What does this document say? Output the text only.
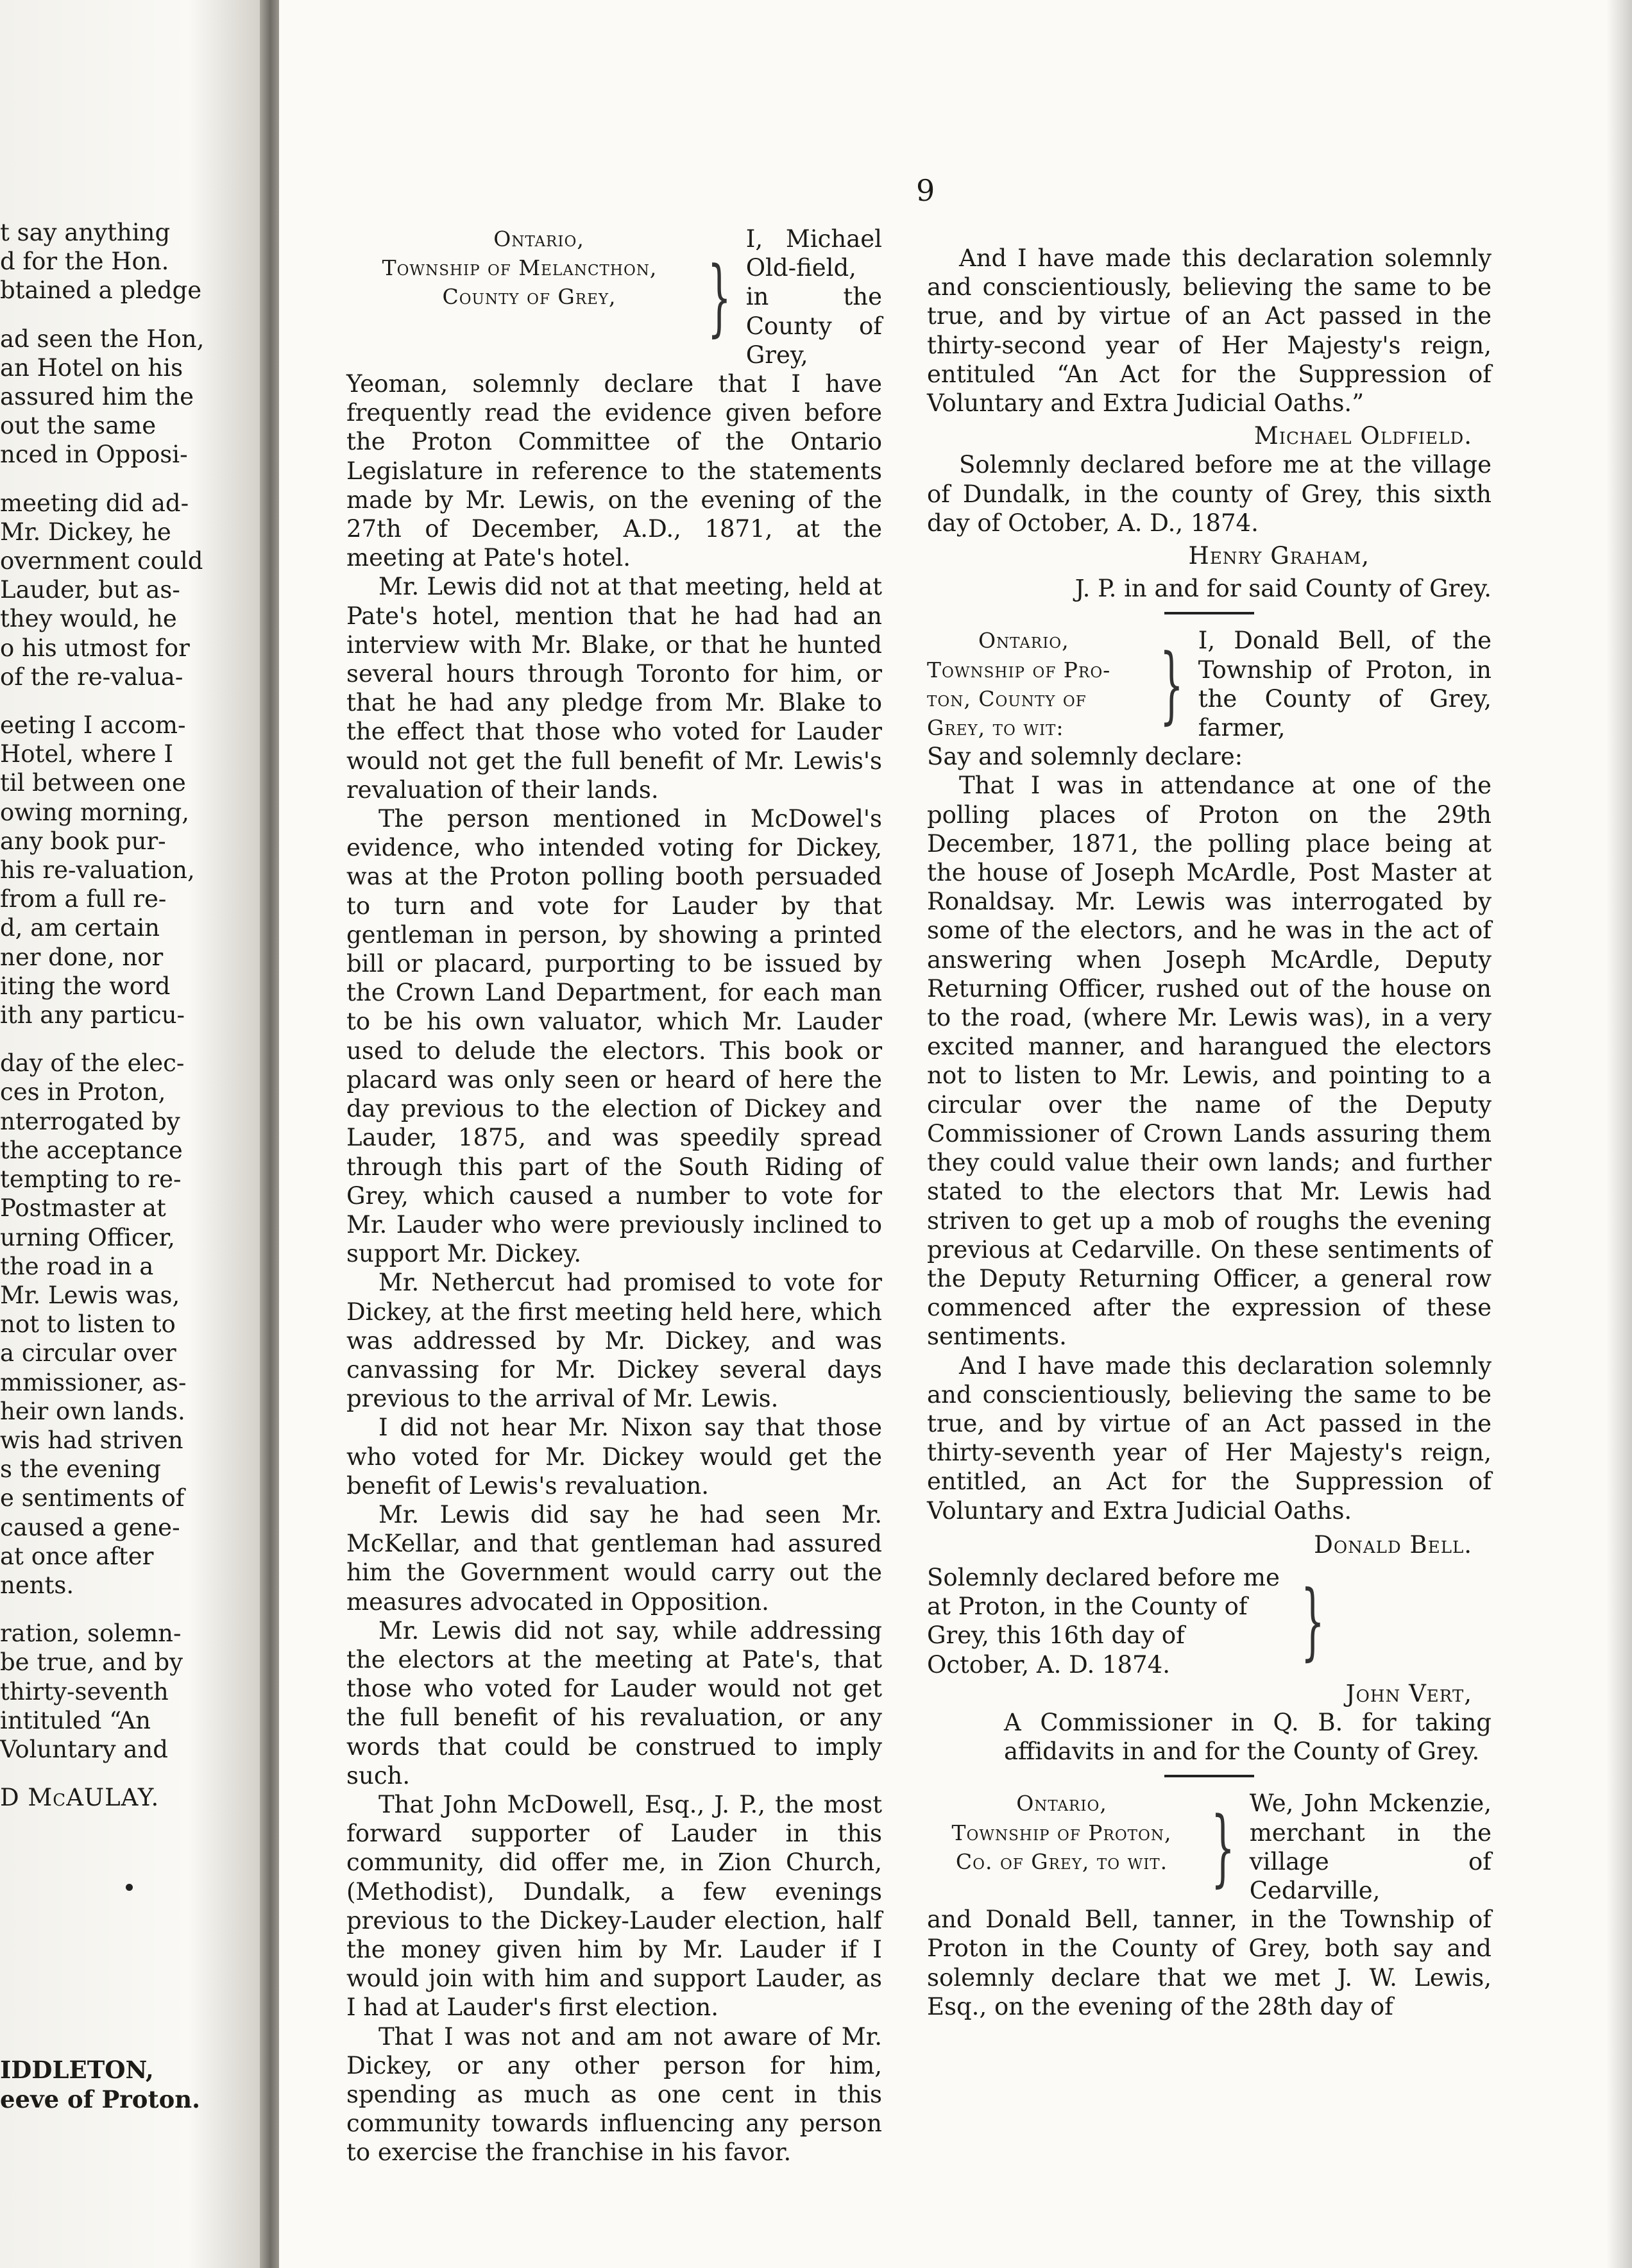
t say anything
d for the Hon.
btained a pledge
ad seen the Hon,
an Hotel on his
assured him the
out the same
nced in Opposi-
meeting did ad-
Mr. Dickey, he
overnment could
Lauder, but as-
they would, he
o his utmost for
of the re-valua-
eeting I accom-
Hotel, where I
til between one
owing morning,
any book pur-
his re-valuation,
from a full re-
d, am certain
ner done, nor
iting the word
ith any particu-
day of the elec-
ces in Proton,
nterrogated by
the acceptance
tempting to re-
Postmaster at
urning Officer,
the road in a
Mr. Lewis was,
not to listen to
a circular over
mmissioner, as-
heir own lands.
wis had striven
s the evening
e sentiments of
caused a gene-
at once after
nents.
ration, solemn-
be true, and by
thirty-seventh
intituled “An
Voluntary and
D McAULAY.
IDDLETON,
eeve of Proton.
9
Ontario,
Township of Melancthon,
County of Grey,	}
I, Michael Old-field, in the County of Grey,

Yeoman, solemnly declare that I have frequently read the evidence given before the Proton Committee of the Ontario Legislature in reference to the statements made by Mr. Lewis, on the evening of the 27th of December, A.D., 1871, at the meeting at Pate's hotel.

Mr. Lewis did not at that meeting, held at Pate's hotel, mention that he had had an interview with Mr. Blake, or that he hunted several hours through Toronto for him, or that he had any pledge from Mr. Blake to the effect that those who voted for Lauder would not get the full benefit of Mr. Lewis's revaluation of their lands.

The person mentioned in McDowel's evidence, who intended voting for Dickey, was at the Proton polling booth persuaded to turn and vote for Lauder by that gentleman in person, by showing a printed bill or placard, purporting to be issued by the Crown Land Department, for each man to be his own valuator, which Mr. Lauder used to delude the electors. This book or placard was only seen or heard of here the day previous to the election of Dickey and Lauder, 1875, and was speedily spread through this part of the South Riding of Grey, which caused a number to vote for Mr. Lauder who were previously inclined to support Mr. Dickey.

Mr. Nethercut had promised to vote for Dickey, at the first meeting held here, which was addressed by Mr. Dickey, and was canvassing for Mr. Dickey several days previous to the arrival of Mr. Lewis.

I did not hear Mr. Nixon say that those who voted for Mr. Dickey would get the benefit of Lewis's revaluation.

Mr. Lewis did say he had seen Mr. McKellar, and that gentleman had assured him the Government would carry out the measures advocated in Opposition.

Mr. Lewis did not say, while addressing the electors at the meeting at Pate's, that those who voted for Lauder would not get the full benefit of his revaluation, or any words that could be construed to imply such.

That John McDowell, Esq., J. P., the most forward supporter of Lauder in this community, did offer me, in Zion Church, (Methodist), Dundalk, a few evenings previous to the Dickey-Lauder election, half the money given him by Mr. Lauder if I would join with him and support Lauder, as I had at Lauder's first election.

That I was not and am not aware of Mr. Dickey, or any other person for him, spending as much as one cent in this community towards influencing any person to exercise the franchise in his favor.

And I have made this declaration solemnly and conscientiously, believing the same to be true, and by virtue of an Act passed in the thirty-second year of Her Majesty's reign, entituled “An Act for the Suppression of Voluntary and Extra Judicial Oaths.”

Michael Oldfield.

Solemnly declared before me at the village of Dundalk, in the county of Grey, this sixth day of October, A. D., 1874.

Henry Graham,
J. P. in and for said County of Grey.
Ontario,
Township of Pro-
ton, County of
Grey, to wit:	} I, Donald Bell, of the Township of Proton, in the County of Grey, farmer,
Say and solemnly declare:

That I was in attendance at one of the polling places of Proton on the 29th December, 1871, the polling place being at the house of Joseph McArdle, Post Master at Ronaldsay. Mr. Lewis was interrogated by some of the electors, and he was in the act of answering when Joseph McArdle, Deputy Returning Officer, rushed out of the house on to the road, (where Mr. Lewis was), in a very excited manner, and harangued the electors not to listen to Mr. Lewis, and pointing to a circular over the name of the Deputy Commissioner of Crown Lands assuring them they could value their own lands; and further stated to the electors that Mr. Lewis had striven to get up a mob of roughs the evening previous at Cedarville. On these sentiments of the Deputy Returning Officer, a general row commenced after the expression of these sentiments.

And I have made this declaration solemnly and conscientiously, believing the same to be true, and by virtue of an Act passed in the thirty-seventh year of Her Majesty's reign, entitled, an Act for the Suppression of Voluntary and Extra Judicial Oaths.

Donald Bell.
Solemnly declared before me at Proton, in the County of Grey, this 16th day of October, A. D. 1874.	}
John Vert,
A Commissioner in Q. B. for taking affidavits in and for the County of Grey.
Ontario,
Township of Proton,
Co. of Grey, to wit. } We, John Mckenzie, merchant in the village of Cedarville,

and Donald Bell, tanner, in the Township of Proton in the County of Grey, both say and solemnly declare that we met J. W. Lewis, Esq., on the evening of the 28th day of
